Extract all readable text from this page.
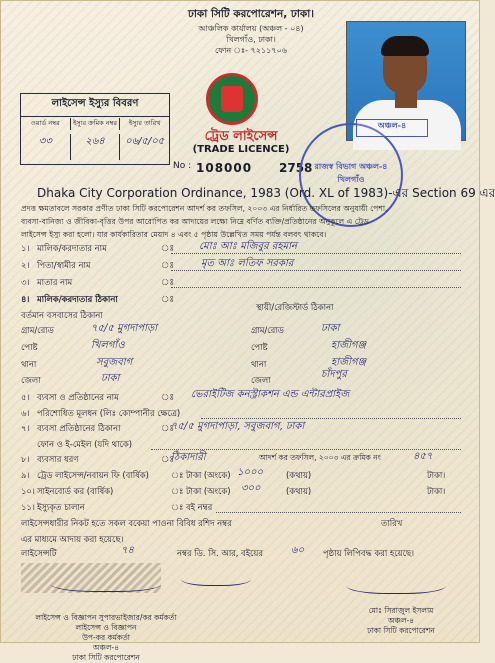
ঢাকা সিটি করপোরেশন, ঢাকা।
আঞ্চলিক কার্যালয় (অঞ্চল - ০৪)
খিলগাঁও, ঢাকা।
ফোন ঃ- ৭২১১৭০৬
লাইসেন্স ইস্যুর বিবরণ
ওয়ার্ড নম্বর	ইস্যুর ক্রমিক নম্বর	ইস্যুর তারিখ
৩৩	২৬৪	০৬/৫/০৫	ট্রেড লাইসেন্স
(TRADE LICENCE)
No : 108000 2758 রাজস্ব বিভাগ অঞ্চল-৪ খিলগাঁও
অঞ্চল-৪
Dhaka City Corporation Ordinance, 1983 (Ord. XL of 1983)-এর Section 69 এর
প্রদত্ত ক্ষমতাবলে সরকার প্রণীত ঢাকা সিটি করপোরেশন আদর্শ কর তফসিল, ২০০৩ এর নির্ধারিত তফসিলের অনুযায়ী পেশা,
ব্যবসা-বানিজ্য ও জীবিকা-বৃত্তির উপর আরোপিত কর আদায়ের লক্ষ্যে নিম্নে বর্ণিত ব্যক্তি/প্রতিষ্ঠানের অনুকূলে এ ট্রেড
লাইসেন্স ইস্যু করা হলো। যার কার্যকারিতার মেয়াদ ৪ এবং ৫ পৃষ্ঠায় উল্লেখিত সময় পর্যন্ত বলবৎ থাকবে।
১। মালিক/করদাতার নাম	ঃ মোঃ আঃ মজিবুর রহমান
২। পিতা/স্বামীর নাম	ঃ	মৃত আঃ লতিফ সরকার
৩। মাতার নাম	ঃ
৪। মালিক/করদাতার ঠিকানা	ঃ
বর্তমান বসবাসের ঠিকানা
স্থায়ী/রেজিস্টার্ড ঠিকানা
গ্রাম/রোড	৭৫/৫ মুগদাপাড়া	গ্রাম/রোড	ঢাকা
পোষ্ট	খিলগাঁও	পোষ্ট	হাজীগঞ্জ
থানা	সবুজবাগ	থানা	হাজীগঞ্জ
জেলা	ঢাকা	জেলা	চাঁদপুর
৫। ব্যবসা ও প্রতিষ্ঠানের নাম	ঃ ভেরাইটিজ কনস্ট্রাকশন এন্ড এন্টারপ্রাইজ
৬। পরিশোধিত মূলধন (লিঃ কোম্পানীর ক্ষেত্রে)
৭। ব্যবসা প্রতিষ্ঠানের ঠিকানা	ঃ
৭৫/৫ মুগদাপাড়া, সবুজবাগ, ঢাকা
ফোন ও ই-মেইল (যদি থাকে)
৮। ব্যবসার ধরণ	ঃ
ঠিকাদারী	আদর্শ কর তফসিল, ২০০৩ এর ক্রমিক নং	৪৫৭
৯। ট্রেড লাইসেন্স/নবায়ন ফি (বার্ষিক)	ঃ টাকা (অংকে) ১০০০	(কথায়)	টাকা।
১০। সাইনবোর্ড কর (বার্ষিক)	ঃ টাকা (অংকে) ৩০০	(কথায়)	টাকা।
১১। ইস্যুকৃত চালান	ঃ বই নম্বর
লাইসেন্সধারীর নিকট হতে সকল বকেয়া পাওনা বিবিধ রশিদ নম্বর	তারিখ
এর মাধ্যমে আদায় করা হয়েছে।
লাইসেন্সটি	৭৪	নম্বর ডি. সি. আর, বইয়ের	৬০ পৃষ্ঠায় লিপিবদ্ধ করা হয়েছে।
লাইসেন্স ও বিজ্ঞাপন সুপারভাইজার/কর কর্মকর্তা
লাইসেন্স ও বিজ্ঞাপন
উপ-কর কর্মকর্তা
অঞ্চল-৪
ঢাকা সিটি করপোরেশন
মোঃ সিরাজুল ইসলাম
অঞ্চল-৪
ঢাকা সিটি করপোরেশন
